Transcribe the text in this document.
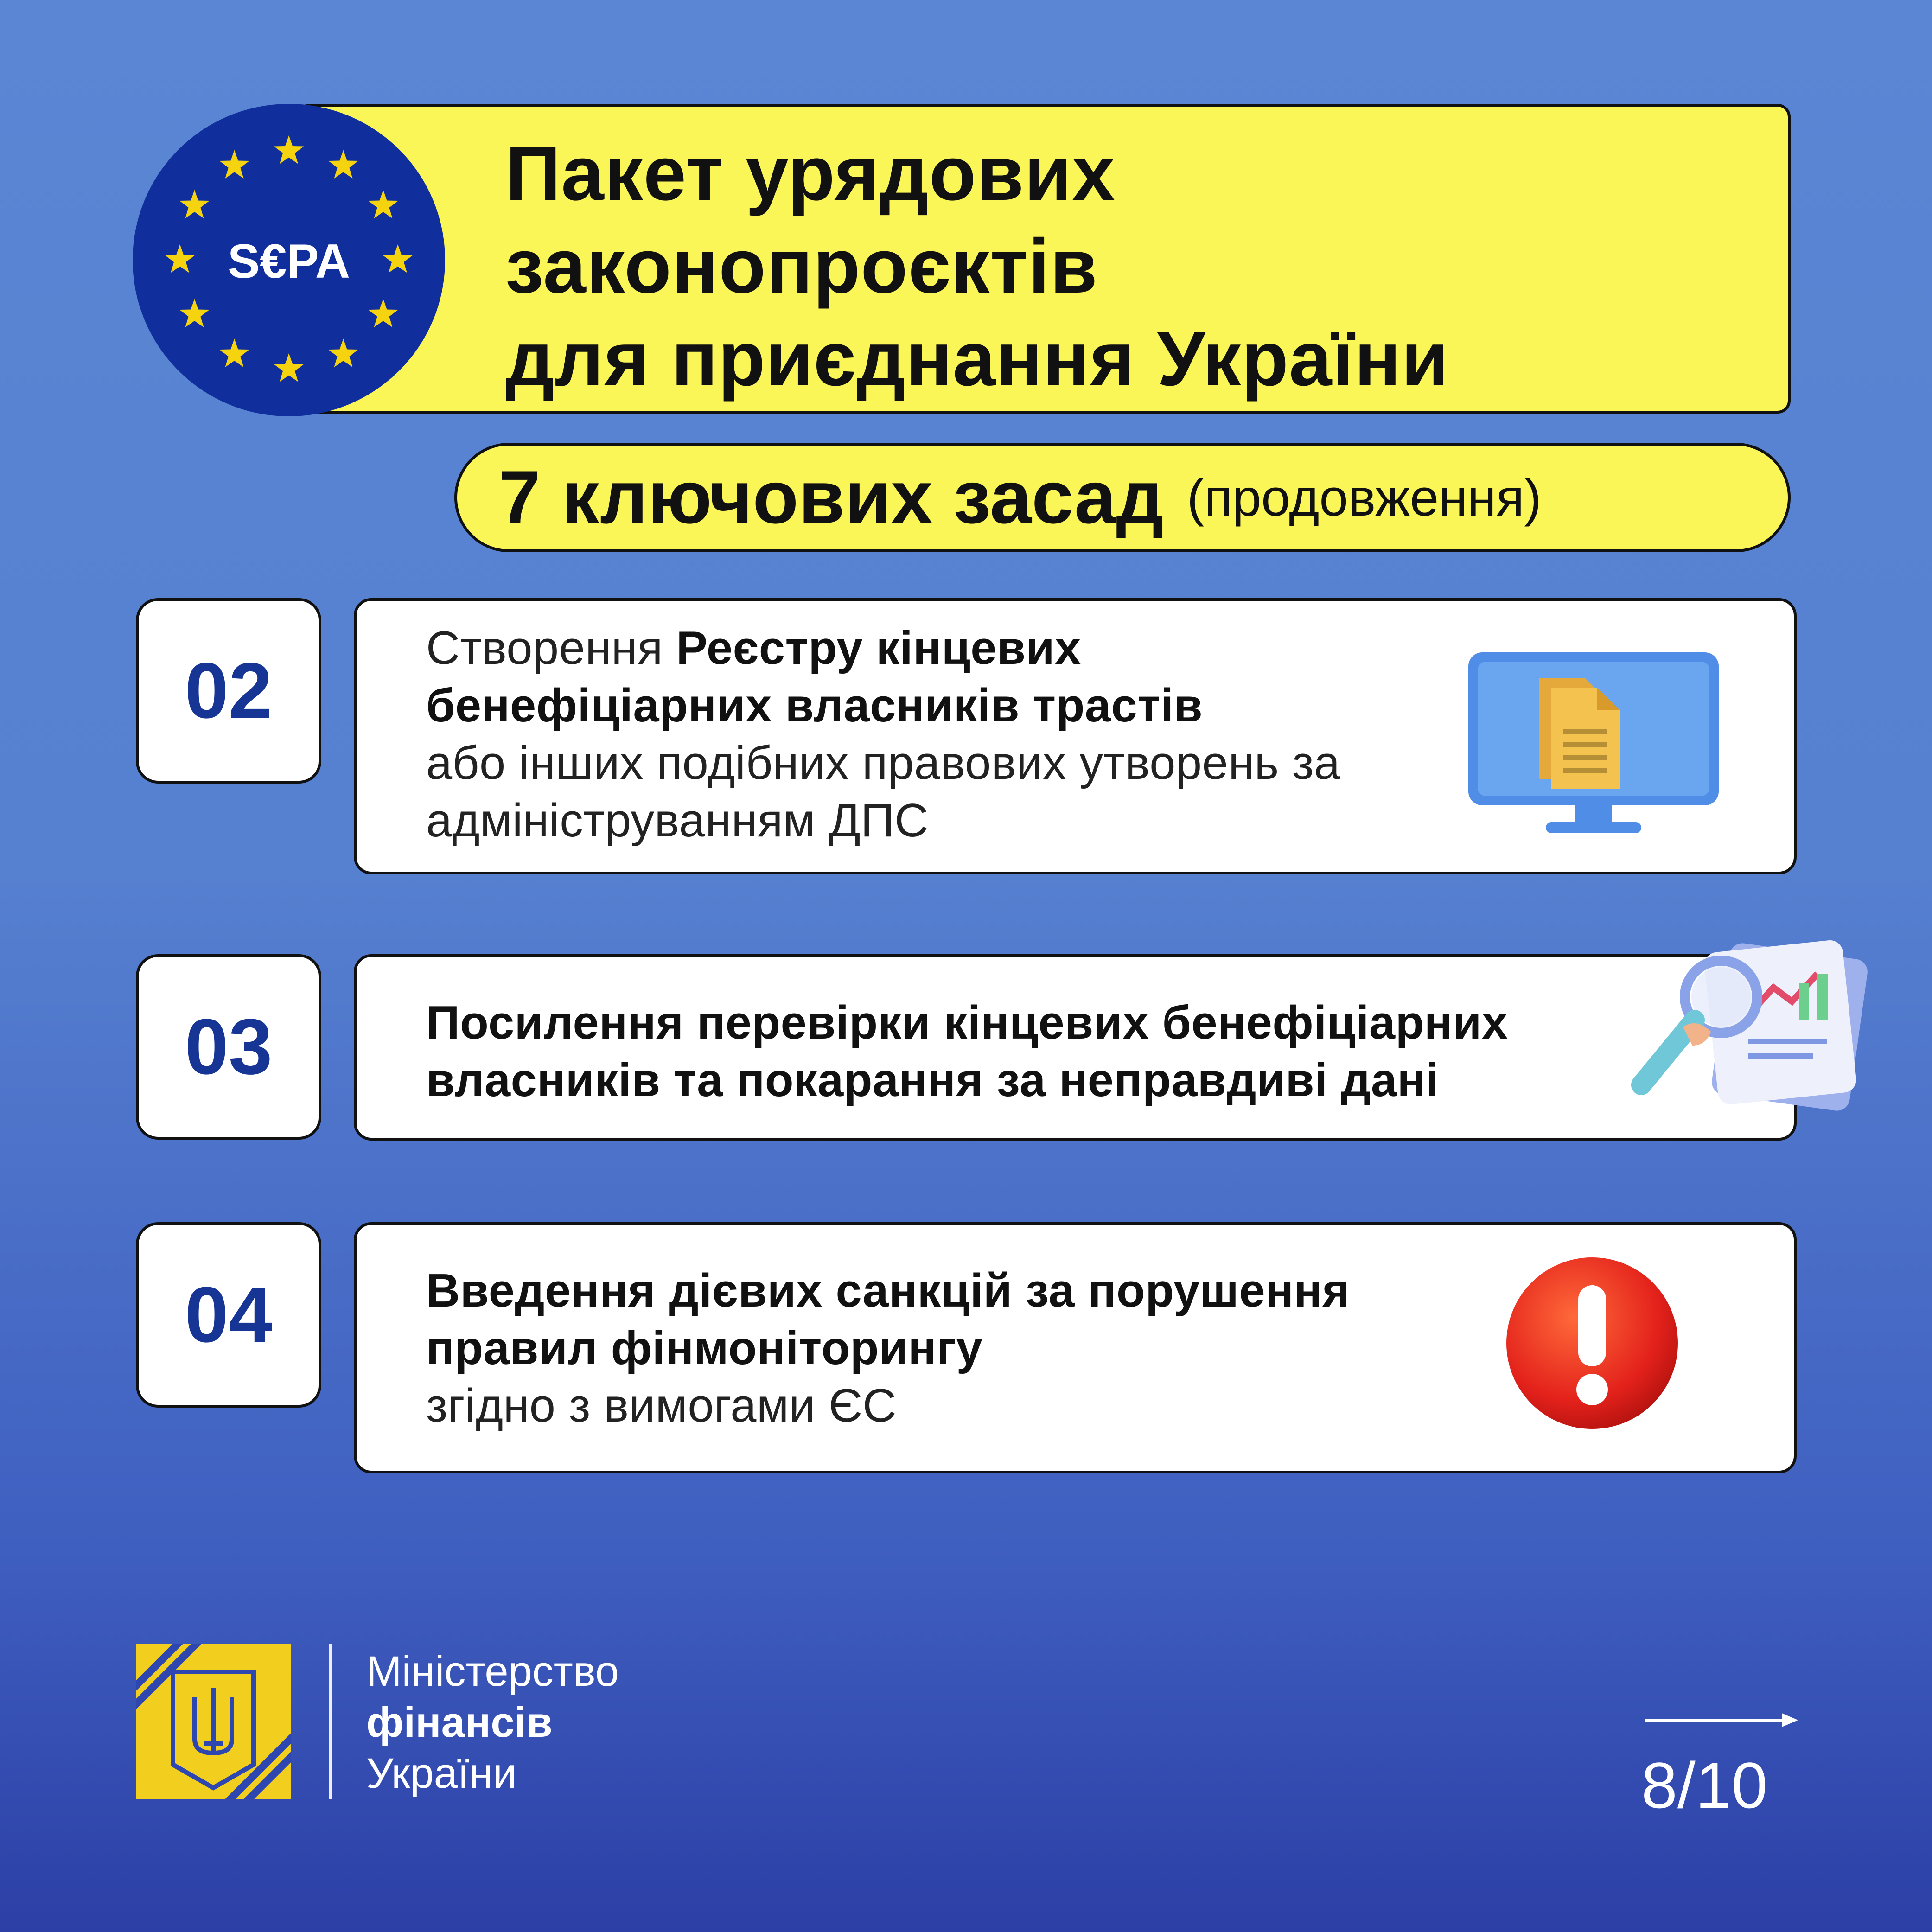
Пакет урядових
законопроєктів
для приєднання України
S€PA
7 ключових засад (продовження)
02	Створення Реєстру кінцевих бенефіціарних власників трастів
або інших подібних правових утворень за адмініструванням ДПС
03	Посилення перевірки кінцевих бенефіціарних власників та покарання за неправдиві дані
04	Введення дієвих санкцій за порушення правил фінмоніторингу
згідно з вимогами ЄС
Міністерство
фінансів
України	8/10
